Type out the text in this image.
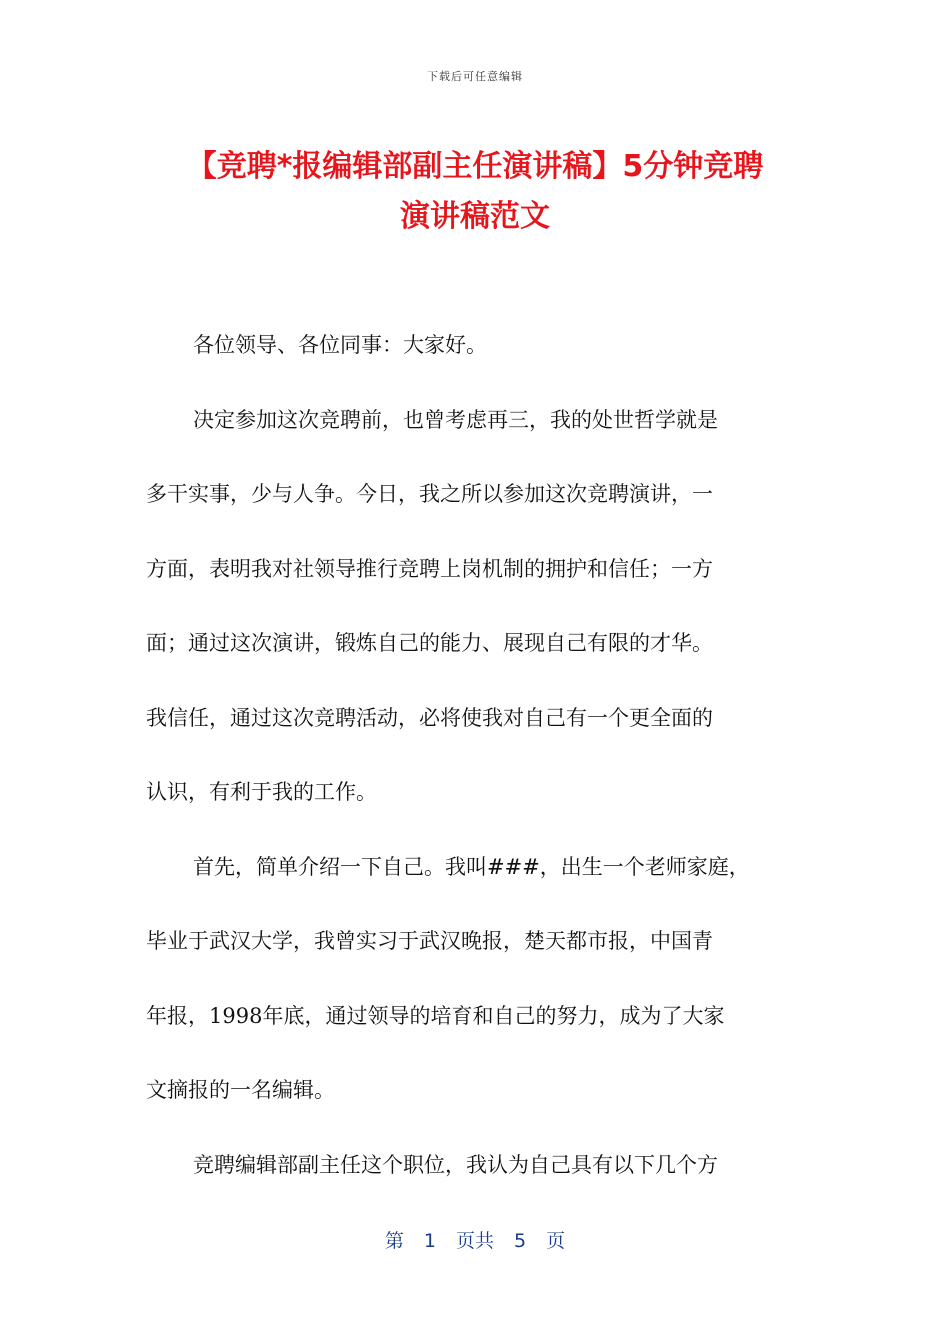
下载后可任意编辑
【竞聘*报编辑部副主任演讲稿】5分钟竞聘
演讲稿范文
各位领导、各位同事：大家好。
决定参加这次竞聘前，也曾考虑再三，我的处世哲学就是
多干实事，少与人争。今日，我之所以参加这次竞聘演讲，一
方面，表明我对社领导推行竞聘上岗机制的拥护和信任；一方
面；通过这次演讲，锻炼自己的能力、展现自己有限的才华。
我信任，通过这次竞聘活动，必将使我对自己有一个更全面的
认识，有利于我的工作。
首先，简单介绍一下自己。我叫###，出生一个老师家庭，
毕业于武汉大学，我曾实习于武汉晚报，楚天都市报，中国青
年报，1998年底，通过领导的培育和自己的努力，成为了大家
文摘报的一名编辑。
竞聘编辑部副主任这个职位，我认为自己具有以下几个方
第 1 页共 5 页
